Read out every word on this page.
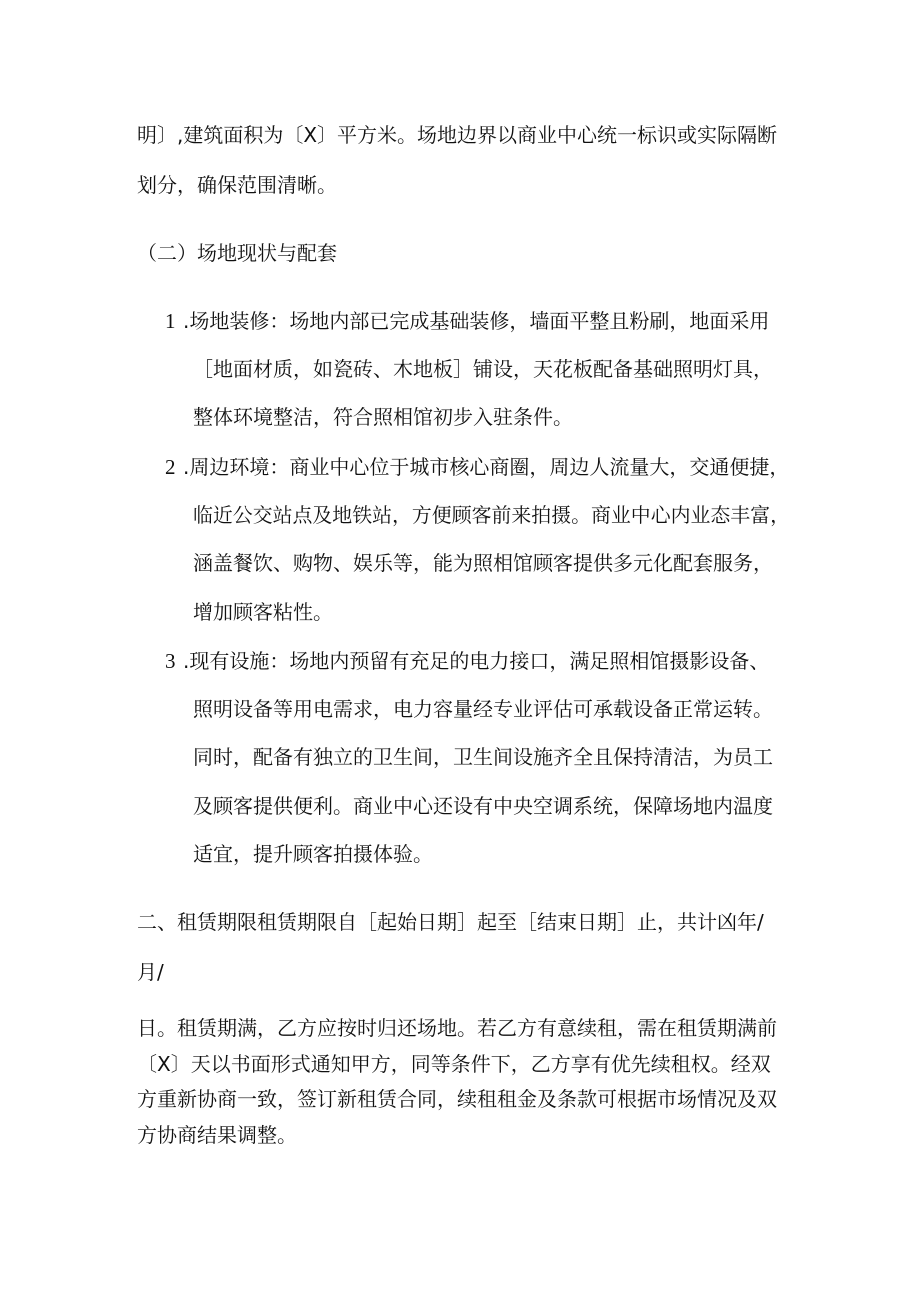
明〕,建筑面积为〔X〕平方米。场地边界以商业中心统一标识或实际隔断
划分，确保范围清晰。
（二）场地现状与配套
1 .场地装修：场地内部已完成基础装修，墙面平整且粉刷，地面采用
［地面材质，如瓷砖、木地板］铺设，天花板配备基础照明灯具，
整体环境整洁，符合照相馆初步入驻条件。
2 .周边环境：商业中心位于城市核心商圈，周边人流量大，交通便捷，
临近公交站点及地铁站，方便顾客前来拍摄。商业中心内业态丰富，
涵盖餐饮、购物、娱乐等，能为照相馆顾客提供多元化配套服务，
增加顾客粘性。
3 .现有设施：场地内预留有充足的电力接口，满足照相馆摄影设备、
照明设备等用电需求，电力容量经专业评估可承载设备正常运转。
同时，配备有独立的卫生间，卫生间设施齐全且保持清洁，为员工
及顾客提供便利。商业中心还设有中央空调系统，保障场地内温度
适宜，提升顾客拍摄体验。
二、租赁期限租赁期限自［起始日期］起至［结束日期］止，共计凶年/
月/
日。租赁期满，乙方应按时归还场地。若乙方有意续租，需在租赁期满前
〔X〕天以书面形式通知甲方，同等条件下，乙方享有优先续租权。经双
方重新协商一致，签订新租赁合同，续租租金及条款可根据市场情况及双
方协商结果调整。
